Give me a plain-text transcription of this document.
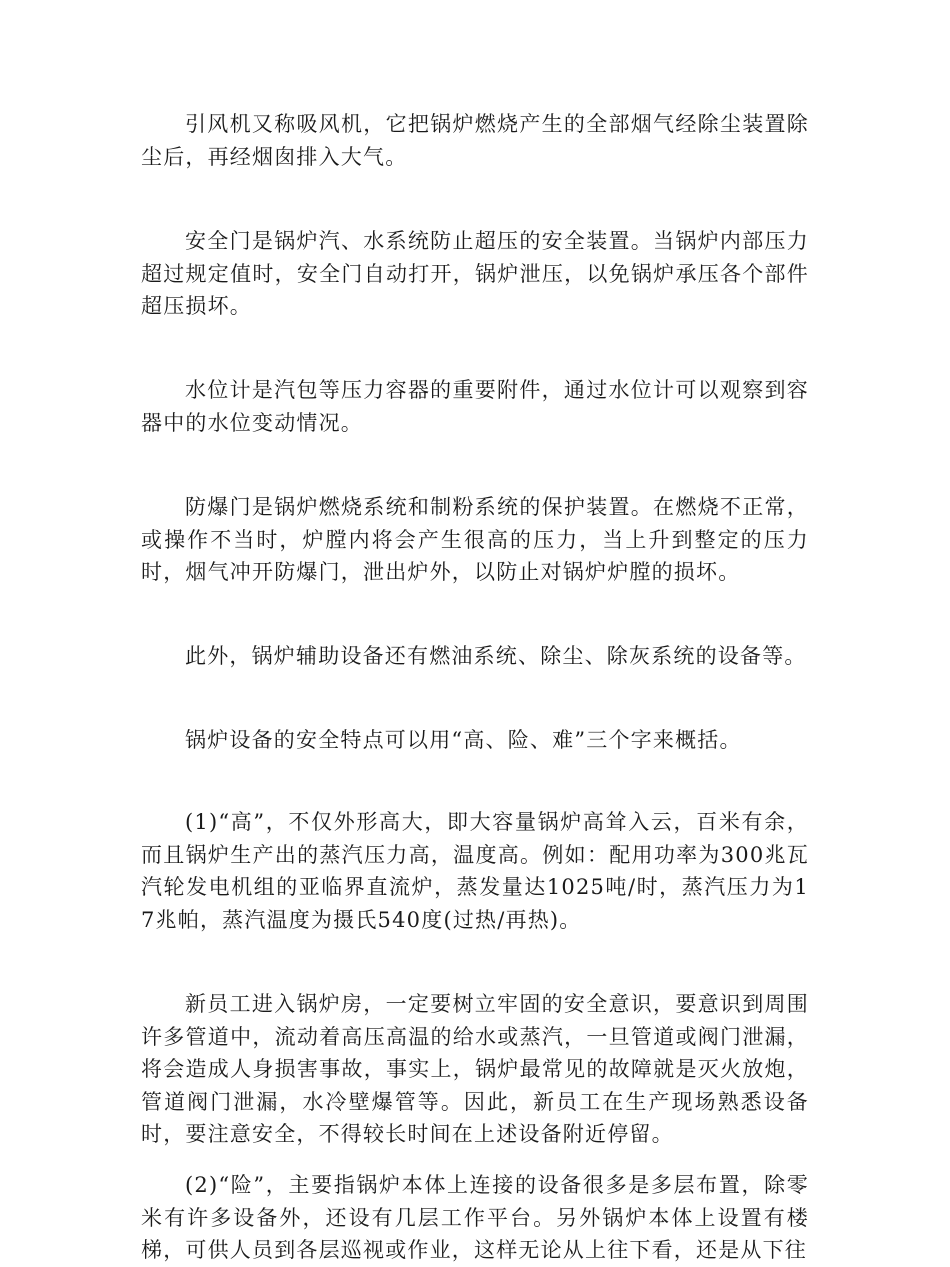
引风机又称吸风机，它把锅炉燃烧产生的全部烟气经除尘装置除尘后，再经烟囱排入大气。

安全门是锅炉汽、水系统防止超压的安全装置。当锅炉内部压力超过规定值时，安全门自动打开，锅炉泄压，以免锅炉承压各个部件超压损坏。

水位计是汽包等压力容器的重要附件，通过水位计可以观察到容器中的水位变动情况。

防爆门是锅炉燃烧系统和制粉系统的保护装置。在燃烧不正常，或操作不当时，炉膛内将会产生很高的压力，当上升到整定的压力时，烟气冲开防爆门，泄出炉外，以防止对锅炉炉膛的损坏。

此外，锅炉辅助设备还有燃油系统、除尘、除灰系统的设备等。

锅炉设备的安全特点可以用“高、险、难”三个字来概括。

(1)“高”，不仅外形高大，即大容量锅炉高耸入云，百米有余，而且锅炉生产出的蒸汽压力高，温度高。例如：配用功率为300兆瓦汽轮发电机组的亚临界直流炉，蒸发量达1025吨/时，蒸汽压力为17兆帕，蒸汽温度为摄氏540度(过热/再热)。

新员工进入锅炉房，一定要树立牢固的安全意识，要意识到周围许多管道中，流动着高压高温的给水或蒸汽，一旦管道或阀门泄漏，将会造成人身损害事故，事实上，锅炉最常见的故障就是灭火放炮，管道阀门泄漏，水冷壁爆管等。因此，新员工在生产现场熟悉设备时，要注意安全，不得较长时间在上述设备附近停留。

(2)“险”，主要指锅炉本体上连接的设备很多是多层布置，除零米有许多设备外，还设有几层工作平台。另外锅炉本体上设置有楼梯，可供人员到各层巡视或作业，这样无论从上往下看，还是从下往
